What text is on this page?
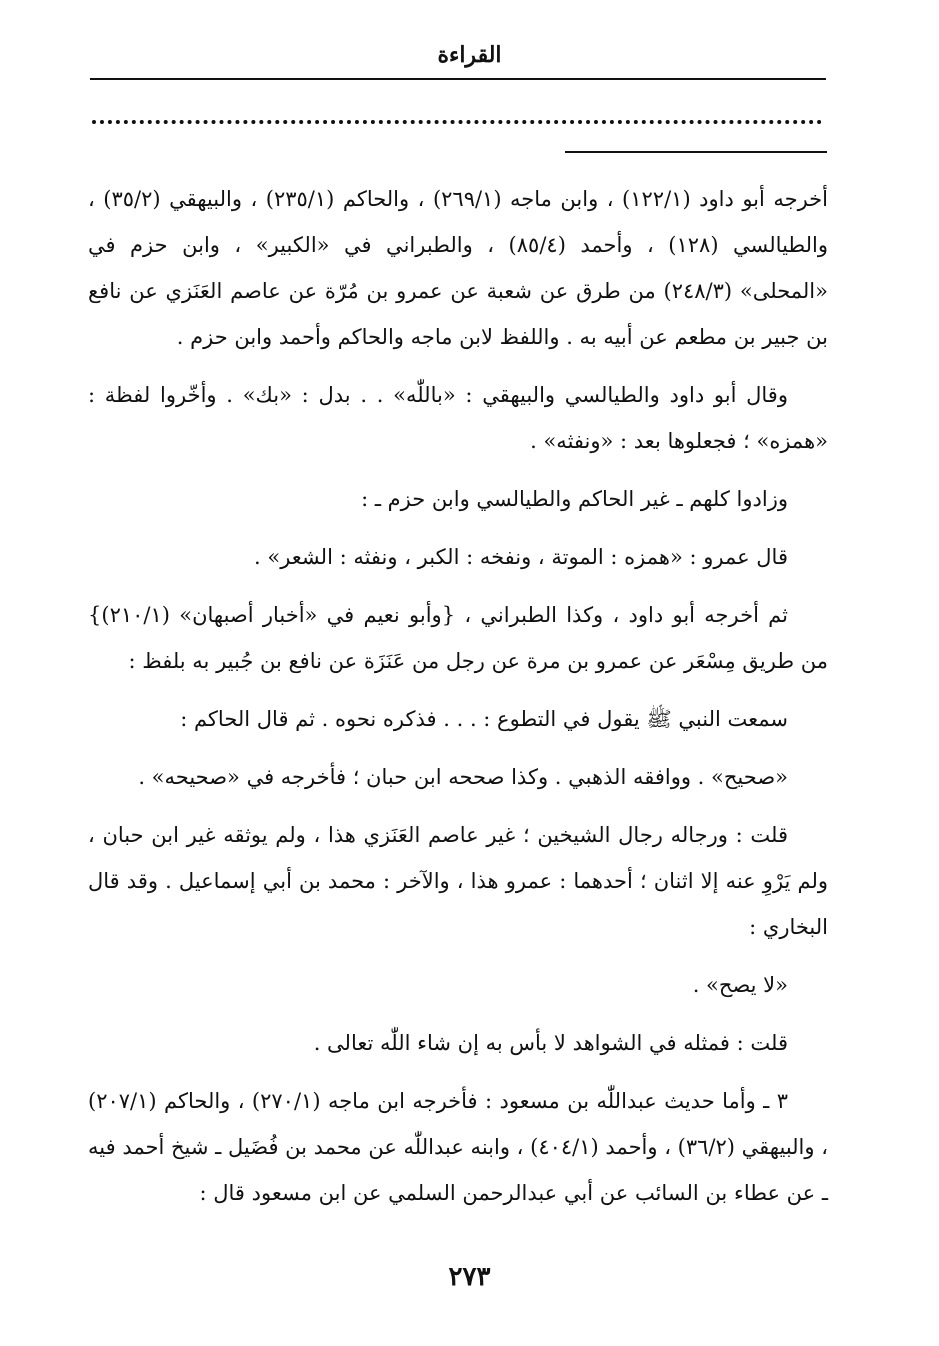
القراءة

أخرجه أبو داود (١٢٢/١) ، وابن ماجه (٢٦٩/١) ، والحاكم (٢٣٥/١) ، والبيهقي (٣٥/٢) ، والطيالسي (١٢٨) ، وأحمد (٨٥/٤) ، والطبراني في «الكبير» ، وابن حزم في «المحلى» (٢٤٨/٣) من طرق عن شعبة عن عمرو بن مُرّة عن عاصم العَنَزي عن نافع بن جبير بن مطعم عن أبيه به . واللفظ لابن ماجه والحاكم وأحمد وابن حزم .

وقال أبو داود والطيالسي والبيهقي : «باللّٰه» . . بدل : «بك» . وأخّروا لفظة : «همزه» ؛ فجعلوها بعد : «ونفثه» .

وزادوا كلهم ـ غير الحاكم والطيالسي وابن حزم ـ :

قال عمرو : «همزه : الموتة ، ونفخه : الكبر ، ونفثه : الشعر» .

ثم أخرجه أبو داود ، وكذا الطبراني ، {وأبو نعيم في «أخبار أصبهان» (٢١٠/١)} من طريق مِسْعَر عن عمرو بن مرة عن رجل من عَنَزَة عن نافع بن جُبير به بلفظ :

سمعت النبي ﷺ يقول في التطوع : . . . فذكره نحوه . ثم قال الحاكم :

«صحيح» . ووافقه الذهبي . وكذا صححه ابن حبان ؛ فأخرجه في «صحيحه» .

قلت : ورجاله رجال الشيخين ؛ غير عاصم العَنَزي هذا ، ولم يوثقه غير ابن حبان ، ولم يَرْوِ عنه إلا اثنان ؛ أحدهما : عمرو هذا ، والآخر : محمد بن أبي إسماعيل . وقد قال البخاري :

«لا يصح» .

قلت : فمثله في الشواهد لا بأس به إن شاء اللّٰه تعالى .

٣ ـ وأما حديث عبداللّٰه بن مسعود : فأخرجه ابن ماجه (٢٧٠/١) ، والحاكم (٢٠٧/١) ، والبيهقي (٣٦/٢) ، وأحمد (٤٠٤/١) ، وابنه عبداللّٰه عن محمد بن فُضَيل ـ شيخ أحمد فيه ـ عن عطاء بن السائب عن أبي عبدالرحمن السلمي عن ابن مسعود قال :

٢٧٣
